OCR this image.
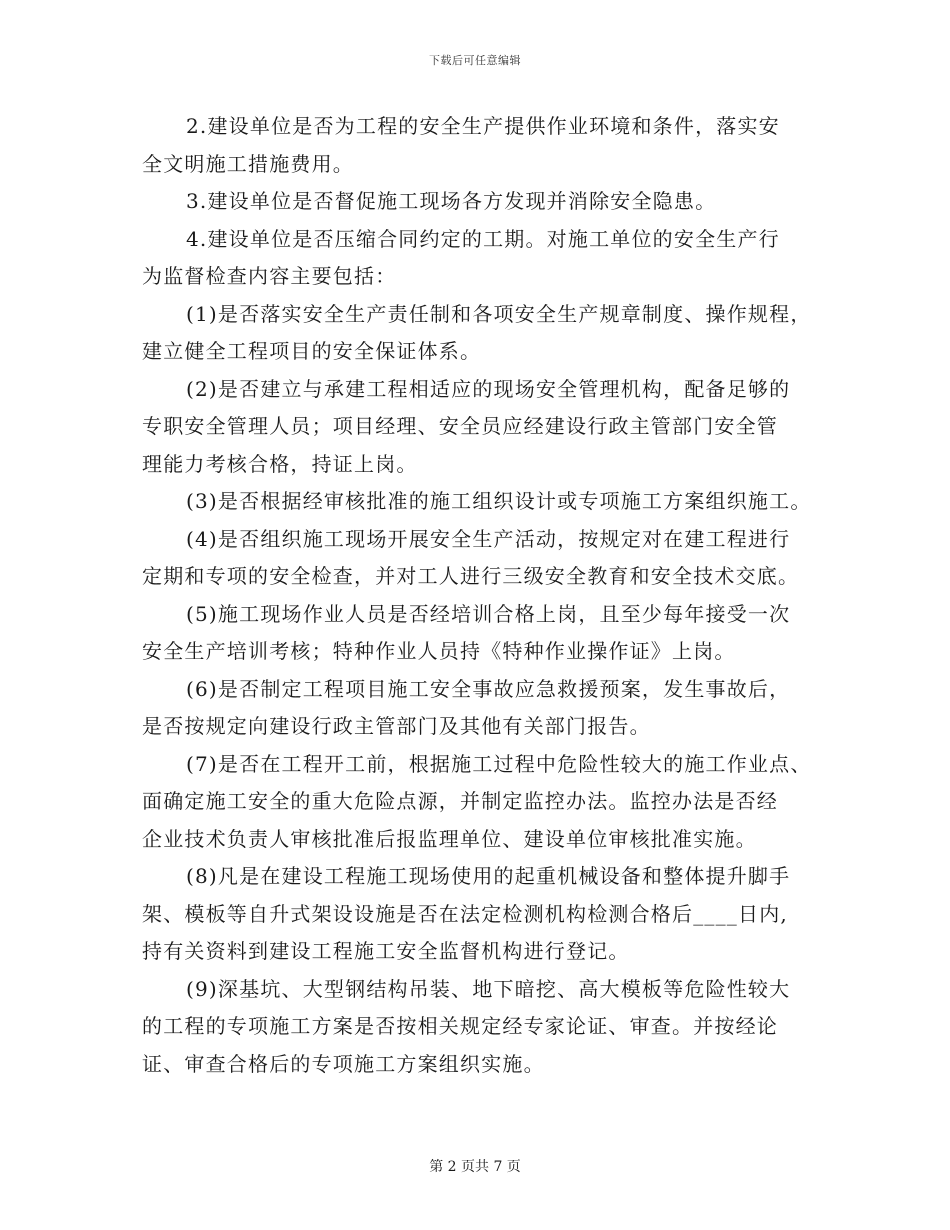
下载后可任意编辑

2.建设单位是否为工程的安全生产提供作业环境和条件，落实安
全文明施工措施费用。

3.建设单位是否督促施工现场各方发现并消除安全隐患。

4.建设单位是否压缩合同约定的工期。对施工单位的安全生产行
为监督检查内容主要包括：

(1)是否落实安全生产责任制和各项安全生产规章制度、操作规程，
建立健全工程项目的安全保证体系。

(2)是否建立与承建工程相适应的现场安全管理机构，配备足够的
专职安全管理人员；项目经理、安全员应经建设行政主管部门安全管
理能力考核合格，持证上岗。

(3)是否根据经审核批准的施工组织设计或专项施工方案组织施工。

(4)是否组织施工现场开展安全生产活动，按规定对在建工程进行
定期和专项的安全检查，并对工人进行三级安全教育和安全技术交底。

(5)施工现场作业人员是否经培训合格上岗，且至少每年接受一次
安全生产培训考核；特种作业人员持《特种作业操作证》上岗。

(6)是否制定工程项目施工安全事故应急救援预案，发生事故后，
是否按规定向建设行政主管部门及其他有关部门报告。

(7)是否在工程开工前，根据施工过程中危险性较大的施工作业点、
面确定施工安全的重大危险点源，并制定监控办法。监控办法是否经
企业技术负责人审核批准后报监理单位、建设单位审核批准实施。

(8)凡是在建设工程施工现场使用的起重机械设备和整体提升脚手
架、模板等自升式架设设施是否在法定检测机构检测合格后____日内,
持有关资料到建设工程施工安全监督机构进行登记。

(9)深基坑、大型钢结构吊装、地下暗挖、高大模板等危险性较大
的工程的专项施工方案是否按相关规定经专家论证、审查。并按经论
证、审查合格后的专项施工方案组织实施。

第 2 页共 7 页
